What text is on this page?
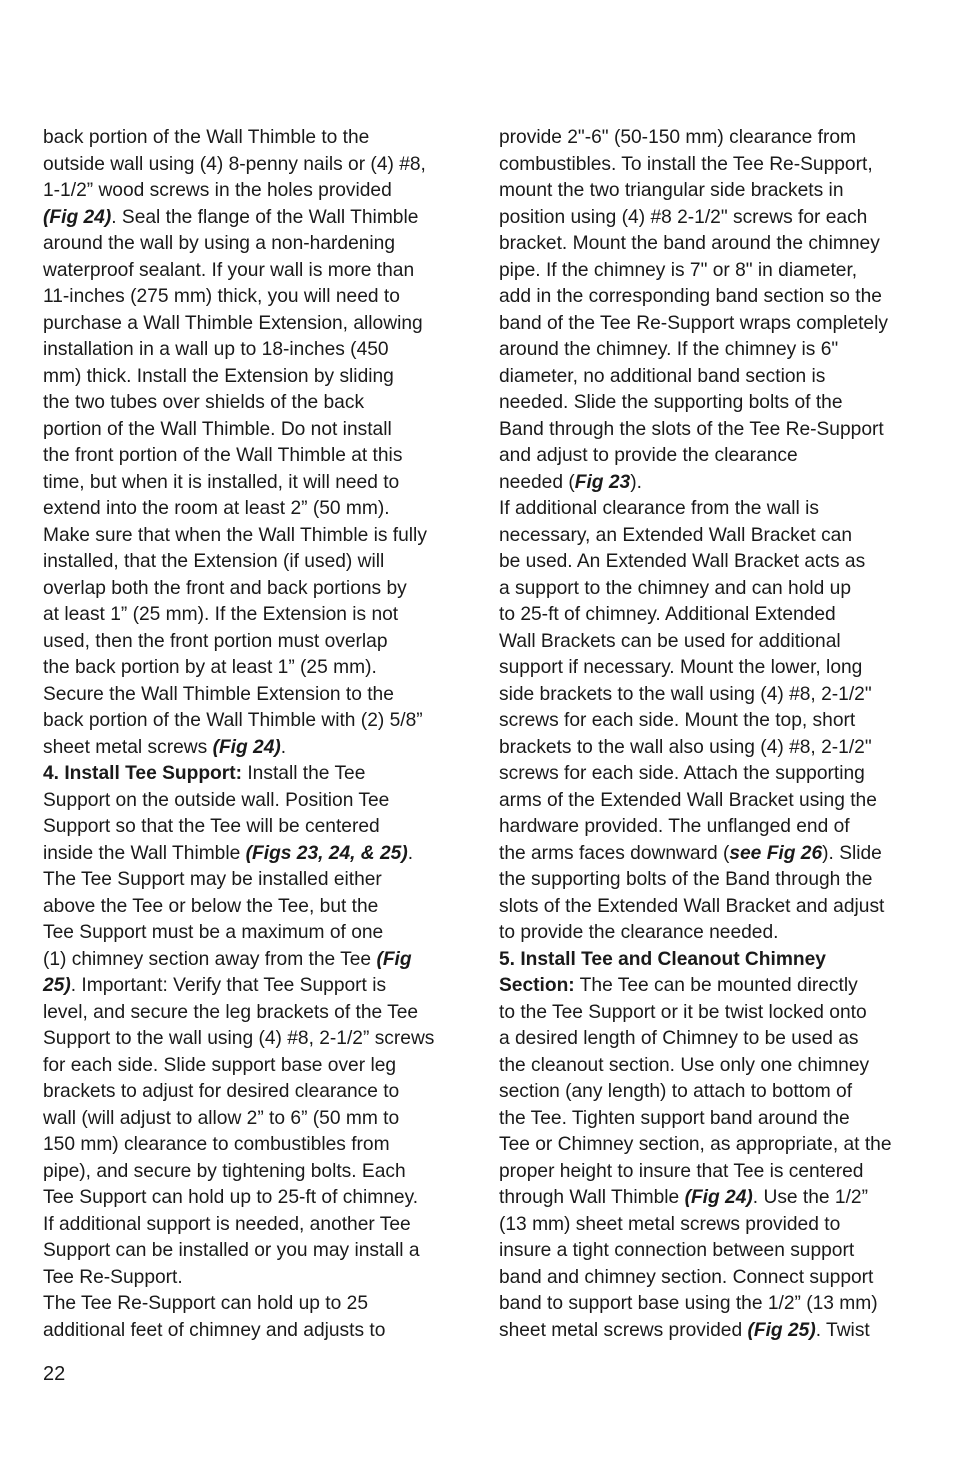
back portion of the Wall Thimble to the
outside wall using (4) 8-penny nails or (4) #8,
1-1/2” wood screws in the holes provided
(Fig 24). Seal the flange of the Wall Thimble
around the wall by using a non-hardening
waterproof sealant. If your wall is more than
11-inches (275 mm) thick, you will need to
purchase a Wall Thimble Extension, allowing
installation in a wall up to 18-inches (450
mm) thick. Install the Extension by sliding
the two tubes over shields of the back
portion of the Wall Thimble. Do not install
the front portion of the Wall Thimble at this
time, but when it is installed, it will need to
extend into the room at least 2” (50 mm).
Make sure that when the Wall Thimble is fully
installed, that the Extension (if used) will
overlap both the front and back portions by
at least 1” (25 mm). If the Extension is not
used, then the front portion must overlap
the back portion by at least 1” (25 mm).
Secure the Wall Thimble Extension to the
back portion of the Wall Thimble with (2) 5/8”
sheet metal screws (Fig 24).
4. Install Tee Support: Install the Tee
Support on the outside wall. Position Tee
Support so that the Tee will be centered
inside the Wall Thimble (Figs 23, 24, & 25).
The Tee Support may be installed either
above the Tee or below the Tee, but the
Tee Support must be a maximum of one
(1) chimney section away from the Tee (Fig
25). Important: Verify that Tee Support is
level, and secure the leg brackets of the Tee
Support to the wall using (4) #8, 2-1/2” screws
for each side. Slide support base over leg
brackets to adjust for desired clearance to
wall (will adjust to allow 2” to 6” (50 mm to
150 mm) clearance to combustibles from
pipe), and secure by tightening bolts. Each
Tee Support can hold up to 25-ft of chimney.
If additional support is needed, another Tee
Support can be installed or you may install a
Tee Re-Support.
The Tee Re-Support can hold up to 25
additional feet of chimney and adjusts to
provide 2"-6" (50-150 mm) clearance from
combustibles. To install the Tee Re-Support,
mount the two triangular side brackets in
position using (4) #8 2-1/2" screws for each
bracket. Mount the band around the chimney
pipe. If the chimney is 7" or 8" in diameter,
add in the corresponding band section so the
band of the Tee Re-Support wraps completely
around the chimney. If the chimney is 6"
diameter, no additional band section is
needed. Slide the supporting bolts of the
Band through the slots of the Tee Re-Support
and adjust to provide the clearance
needed (Fig 23).
If additional clearance from the wall is
necessary, an Extended Wall Bracket can
be used. An Extended Wall Bracket acts as
a support to the chimney and can hold up
to 25-ft of chimney. Additional Extended
Wall Brackets can be used for additional
support if necessary. Mount the lower, long
side brackets to the wall using (4) #8, 2-1/2"
screws for each side. Mount the top, short
brackets to the wall also using (4) #8, 2-1/2"
screws for each side. Attach the supporting
arms of the Extended Wall Bracket using the
hardware provided. The unflanged end of
the arms faces downward (see Fig 26). Slide
the supporting bolts of the Band through the
slots of the Extended Wall Bracket and adjust
to provide the clearance needed.
5. Install Tee and Cleanout Chimney
Section: The Tee can be mounted directly
to the Tee Support or it be twist locked onto
a desired length of Chimney to be used as
the cleanout section. Use only one chimney
section (any length) to attach to bottom of
the Tee. Tighten support band around the
Tee or Chimney section, as appropriate, at the
proper height to insure that Tee is centered
through Wall Thimble (Fig 24). Use the 1/2”
(13 mm) sheet metal screws provided to
insure a tight connection between support
band and chimney section. Connect support
band to support base using the 1/2” (13 mm)
sheet metal screws provided (Fig 25). Twist
22
